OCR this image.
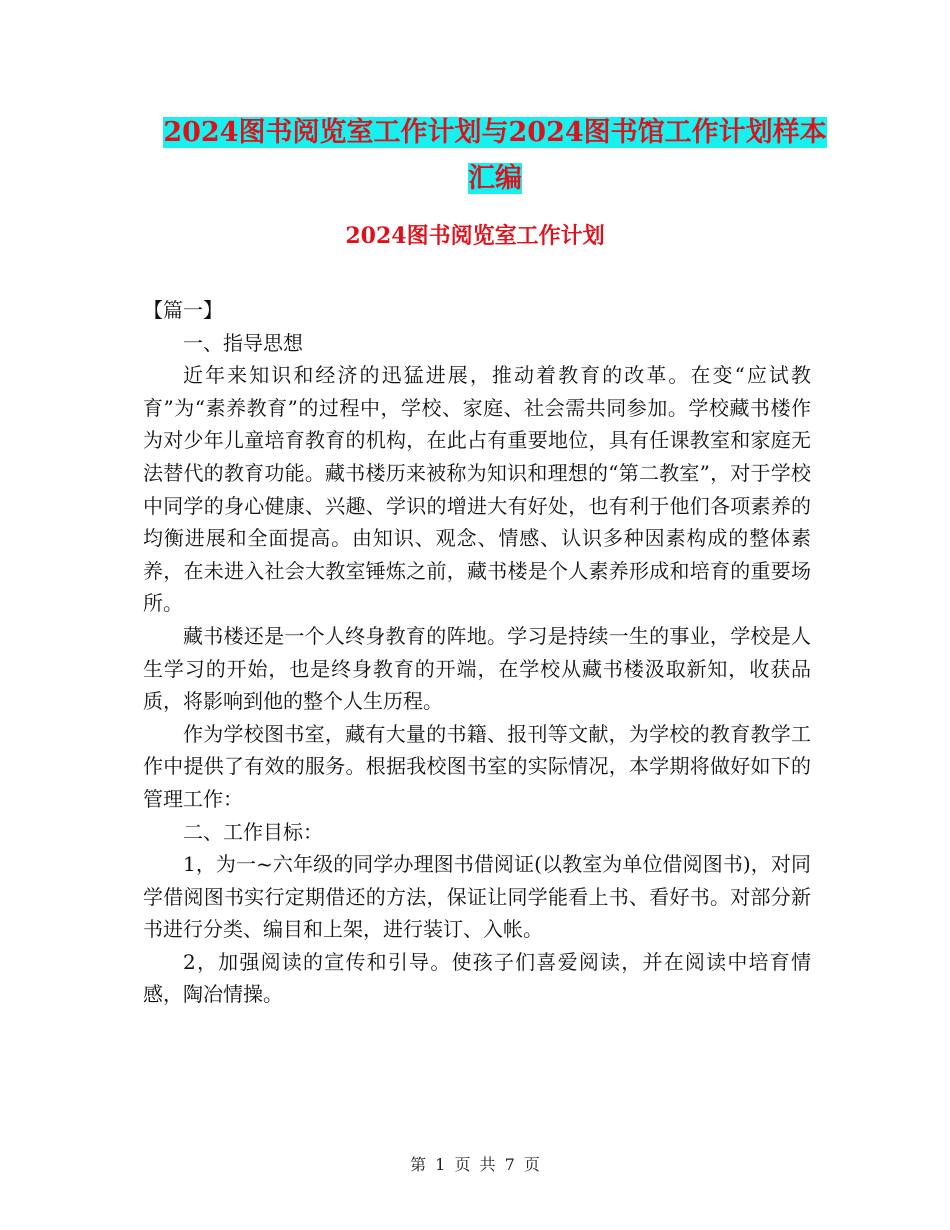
2024图书阅览室工作计划与2024图书馆工作计划样本
汇编
2024图书阅览室工作计划

【篇一】

一、指导思想

近年来知识和经济的迅猛进展，推动着教育的改革。在变“应试教育”为“素养教育”的过程中，学校、家庭、社会需共同参加。学校藏书楼作为对少年儿童培育教育的机构，在此占有重要地位，具有任课教室和家庭无法替代的教育功能。藏书楼历来被称为知识和理想的“第二教室”，对于学校中同学的身心健康、兴趣、学识的增进大有好处，也有利于他们各项素养的均衡进展和全面提高。由知识、观念、情感、认识多种因素构成的整体素养，在未进入社会大教室锤炼之前，藏书楼是个人素养形成和培育的重要场所。

藏书楼还是一个人终身教育的阵地。学习是持续一生的事业，学校是人生学习的开始，也是终身教育的开端，在学校从藏书楼汲取新知，收获品质，将影响到他的整个人生历程。

作为学校图书室，藏有大量的书籍、报刊等文献，为学校的教育教学工作中提供了有效的服务。根据我校图书室的实际情况，本学期将做好如下的管理工作：

二、工作目标：

1，为一~六年级的同学办理图书借阅证(以教室为单位借阅图书)，对同学借阅图书实行定期借还的方法，保证让同学能看上书、看好书。对部分新书进行分类、编目和上架，进行装订、入帐。

2，加强阅读的宣传和引导。使孩子们喜爱阅读，并在阅读中培育情感，陶冶情操。

第 1 页 共 7 页
